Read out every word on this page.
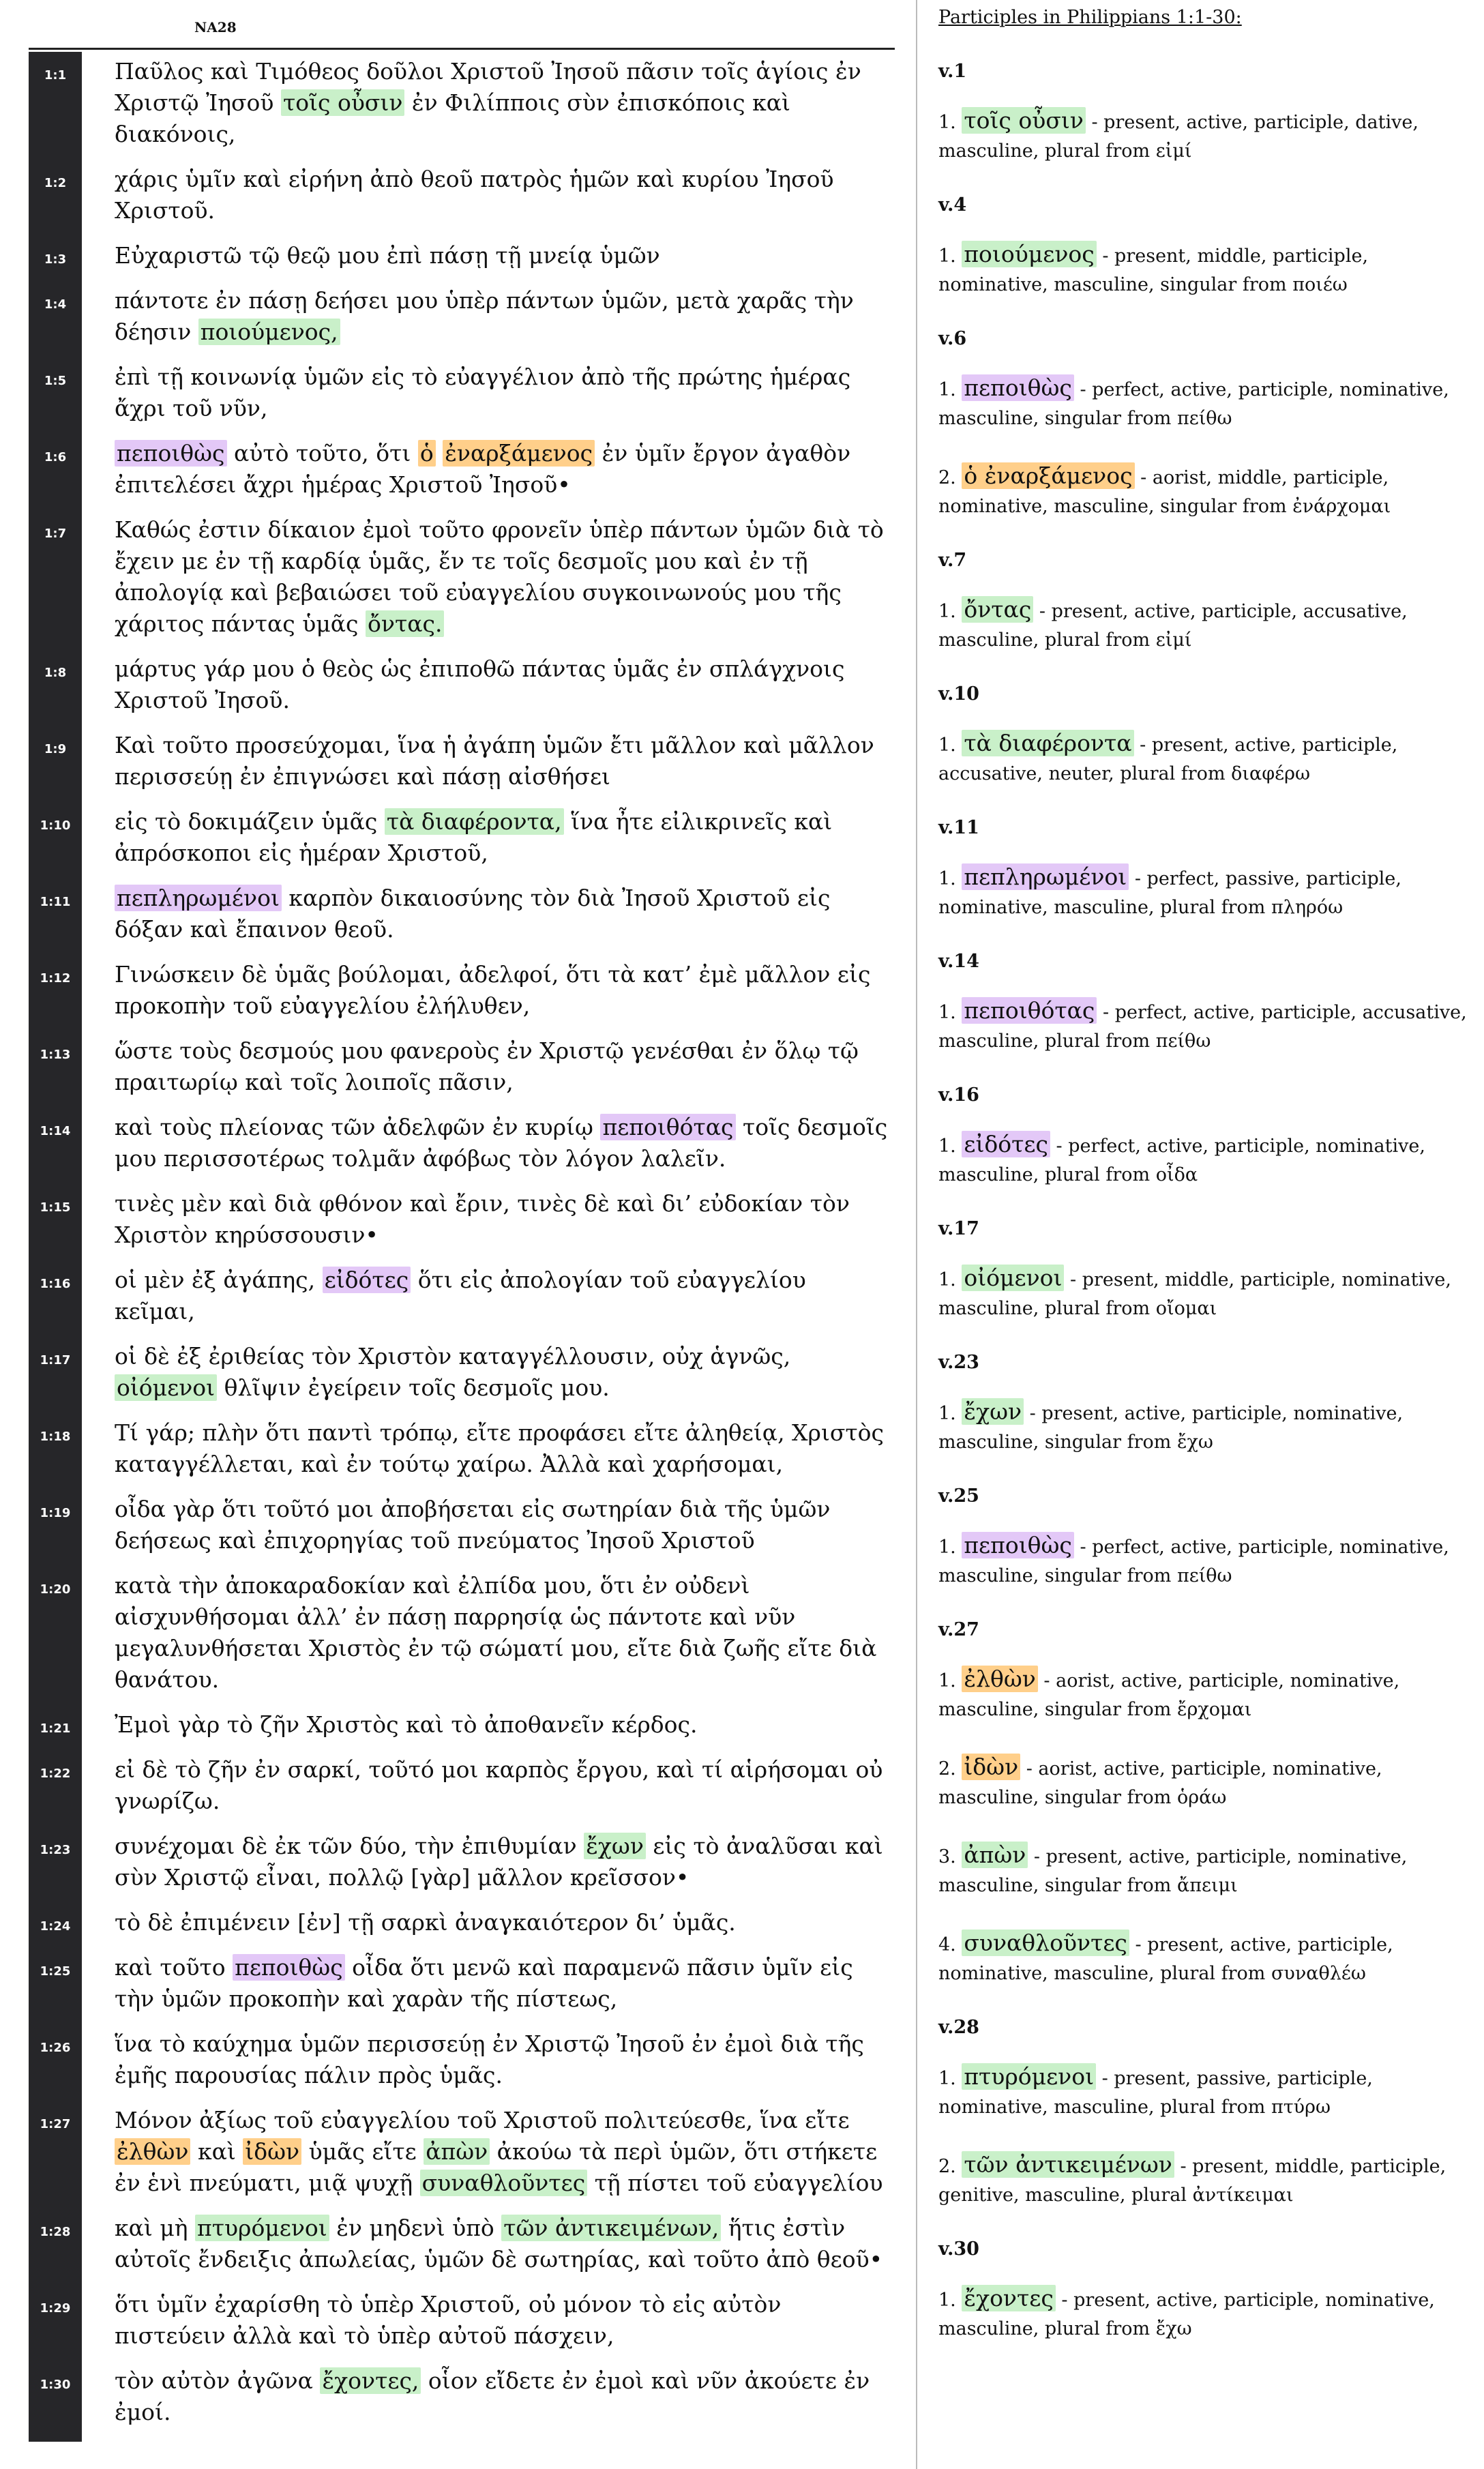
NA28
1:1	Παῦλος καὶ Τιμόθεος δοῦλοι Χριστοῦ Ἰησοῦ πᾶσιν τοῖς ἁγίοις ἐν Χριστῷ Ἰησοῦ τοῖς οὖσιν ἐν Φιλίπποις σὺν ἐπισκόποις καὶ διακόνοις,
1:2	χάρις ὑμῖν καὶ εἰρήνη ἀπὸ θεοῦ πατρὸς ἡμῶν καὶ κυρίου Ἰησοῦ Χριστοῦ.
1:3	Εὐχαριστῶ τῷ θεῷ μου ἐπὶ πάσῃ τῇ μνείᾳ ὑμῶν
1:4	πάντοτε ἐν πάσῃ δεήσει μου ὑπὲρ πάντων ὑμῶν, μετὰ χαρᾶς τὴν δέησιν ποιούμενος,
1:5	ἐπὶ τῇ κοινωνίᾳ ὑμῶν εἰς τὸ εὐαγγέλιον ἀπὸ τῆς πρώτης ἡμέρας ἄχρι τοῦ νῦν,
1:6	πεποιθὼς αὐτὸ τοῦτο, ὅτι ὁ ἐναρξάμενος ἐν ὑμῖν ἔργον ἀγαθὸν ἐπιτελέσει ἄχρι ἡμέρας Χριστοῦ Ἰησοῦ•
1:7	Καθώς ἐστιν δίκαιον ἐμοὶ τοῦτο φρονεῖν ὑπὲρ πάντων ὑμῶν διὰ τὸ ἔχειν με ἐν τῇ καρδίᾳ ὑμᾶς, ἔν τε τοῖς δεσμοῖς μου καὶ ἐν τῇ ἀπολογίᾳ καὶ βεβαιώσει τοῦ εὐαγγελίου συγκοινωνούς μου τῆς χάριτος πάντας ὑμᾶς ὄντας.
1:8	μάρτυς γάρ μου ὁ θεὸς ὡς ἐπιποθῶ πάντας ὑμᾶς ἐν σπλάγχνοις Χριστοῦ Ἰησοῦ.
1:9	Καὶ τοῦτο προσεύχομαι, ἵνα ἡ ἀγάπη ὑμῶν ἔτι μᾶλλον καὶ μᾶλλον περισσεύῃ ἐν ἐπιγνώσει καὶ πάσῃ αἰσθήσει
1:10	εἰς τὸ δοκιμάζειν ὑμᾶς τὰ διαφέροντα, ἵνα ἦτε εἰλικρινεῖς καὶ ἀπρόσκοποι εἰς ἡμέραν Χριστοῦ,
1:11	πεπληρωμένοι καρπὸν δικαιοσύνης τὸν διὰ Ἰησοῦ Χριστοῦ εἰς δόξαν καὶ ἔπαινον θεοῦ.
1:12	Γινώσκειν δὲ ὑμᾶς βούλομαι, ἀδελφοί, ὅτι τὰ κατ’ ἐμὲ μᾶλλον εἰς προκοπὴν τοῦ εὐαγγελίου ἐλήλυθεν,
1:13	ὥστε τοὺς δεσμούς μου φανεροὺς ἐν Χριστῷ γενέσθαι ἐν ὅλῳ τῷ πραιτωρίῳ καὶ τοῖς λοιποῖς πᾶσιν,
1:14	καὶ τοὺς πλείονας τῶν ἀδελφῶν ἐν κυρίῳ πεποιθότας τοῖς δεσμοῖς μου περισσοτέρως τολμᾶν ἀφόβως τὸν λόγον λαλεῖν.
1:15	τινὲς μὲν καὶ διὰ φθόνον καὶ ἔριν, τινὲς δὲ καὶ δι’ εὐδοκίαν τὸν Χριστὸν κηρύσσουσιν•
1:16	οἱ μὲν ἐξ ἀγάπης, εἰδότες ὅτι εἰς ἀπολογίαν τοῦ εὐαγγελίου κεῖμαι,
1:17	οἱ δὲ ἐξ ἐριθείας τὸν Χριστὸν καταγγέλλουσιν, οὐχ ἁγνῶς, οἰόμενοι θλῖψιν ἐγείρειν τοῖς δεσμοῖς μου.
1:18	Τί γάρ; πλὴν ὅτι παντὶ τρόπῳ, εἴτε προφάσει εἴτε ἀληθείᾳ, Χριστὸς καταγγέλλεται, καὶ ἐν τούτῳ χαίρω. Ἀλλὰ καὶ χαρήσομαι,
1:19	οἶδα γὰρ ὅτι τοῦτό μοι ἀποβήσεται εἰς σωτηρίαν διὰ τῆς ὑμῶν δεήσεως καὶ ἐπιχορηγίας τοῦ πνεύματος Ἰησοῦ Χριστοῦ
1:20	κατὰ τὴν ἀποκαραδοκίαν καὶ ἐλπίδα μου, ὅτι ἐν οὐδενὶ αἰσχυνθήσομαι ἀλλ’ ἐν πάσῃ παρρησίᾳ ὡς πάντοτε καὶ νῦν μεγαλυνθήσεται Χριστὸς ἐν τῷ σώματί μου, εἴτε διὰ ζωῆς εἴτε διὰ θανάτου.
1:21	Ἐμοὶ γὰρ τὸ ζῆν Χριστὸς καὶ τὸ ἀποθανεῖν κέρδος.
1:22	εἰ δὲ τὸ ζῆν ἐν σαρκί, τοῦτό μοι καρπὸς ἔργου, καὶ τί αἱρήσομαι οὐ γνωρίζω.
1:23	συνέχομαι δὲ ἐκ τῶν δύο, τὴν ἐπιθυμίαν ἔχων εἰς τὸ ἀναλῦσαι καὶ σὺν Χριστῷ εἶναι, πολλῷ [γὰρ] μᾶλλον κρεῖσσον•
1:24	τὸ δὲ ἐπιμένειν [ἐν] τῇ σαρκὶ ἀναγκαιότερον δι’ ὑμᾶς.
1:25	καὶ τοῦτο πεποιθὼς οἶδα ὅτι μενῶ καὶ παραμενῶ πᾶσιν ὑμῖν εἰς τὴν ὑμῶν προκοπὴν καὶ χαρὰν τῆς πίστεως,
1:26	ἵνα τὸ καύχημα ὑμῶν περισσεύῃ ἐν Χριστῷ Ἰησοῦ ἐν ἐμοὶ διὰ τῆς ἐμῆς παρουσίας πάλιν πρὸς ὑμᾶς.
1:27	Μόνον ἀξίως τοῦ εὐαγγελίου τοῦ Χριστοῦ πολιτεύεσθε, ἵνα εἴτε ἐλθὼν καὶ ἰδὼν ὑμᾶς εἴτε ἀπὼν ἀκούω τὰ περὶ ὑμῶν, ὅτι στήκετε ἐν ἑνὶ πνεύματι, μιᾷ ψυχῇ συναθλοῦντες τῇ πίστει τοῦ εὐαγγελίου
1:28	καὶ μὴ πτυρόμενοι ἐν μηδενὶ ὑπὸ τῶν ἀντικειμένων, ἥτις ἐστὶν αὐτοῖς ἔνδειξις ἀπωλείας, ὑμῶν δὲ σωτηρίας, καὶ τοῦτο ἀπὸ θεοῦ•
1:29	ὅτι ὑμῖν ἐχαρίσθη τὸ ὑπὲρ Χριστοῦ, οὐ μόνον τὸ εἰς αὐτὸν πιστεύειν ἀλλὰ καὶ τὸ ὑπὲρ αὐτοῦ πάσχειν,
1:30	τὸν αὐτὸν ἀγῶνα ἔχοντες, οἷον εἴδετε ἐν ἐμοὶ καὶ νῦν ἀκούετε ἐν ἐμοί.
Participles in Philippians 1:1-30:
v.1
1. τοῖς οὖσιν - present, active, participle, dative, masculine, plural from εἰμί
v.4
1. ποιούμενος - present, middle, participle, nominative, masculine, singular from ποιέω
v.6
1. πεποιθὼς - perfect, active, participle, nominative, masculine, singular from πείθω
2. ὁ ἐναρξάμενος - aorist, middle, participle, nominative, masculine, singular from ἐνάρχομαι
v.7
1. ὄντας - present, active, participle, accusative, masculine, plural from εἰμί
v.10
1. τὰ διαφέροντα - present, active, participle, accusative, neuter, plural from διαφέρω
v.11
1. πεπληρωμένοι - perfect, passive, participle, nominative, masculine, plural from πληρόω
v.14
1. πεποιθότας - perfect, active, participle, accusative, masculine, plural from πείθω
v.16
1. εἰδότες - perfect, active, participle, nominative, masculine, plural from οἶδα
v.17
1. οἰόμενοι - present, middle, participle, nominative, masculine, plural from οἴομαι
v.23
1. ἔχων - present, active, participle, nominative, masculine, singular from ἔχω
v.25
1. πεποιθὼς - perfect, active, participle, nominative, masculine, singular from πείθω
v.27
1. ἐλθὼν - aorist, active, participle, nominative, masculine, singular from ἔρχομαι
2. ἰδὼν - aorist, active, participle, nominative, masculine, singular from ὁράω
3. ἀπὼν - present, active, participle, nominative, masculine, singular from ἄπειμι
4. συναθλοῦντες - present, active, participle, nominative, masculine, plural from συναθλέω
v.28
1. πτυρόμενοι - present, passive, participle, nominative, masculine, plural from πτύρω
2. τῶν ἀντικειμένων - present, middle, participle, genitive, masculine, plural ἀντίκειμαι
v.30
1. ἔχοντες - present, active, participle, nominative, masculine, plural from ἔχω
